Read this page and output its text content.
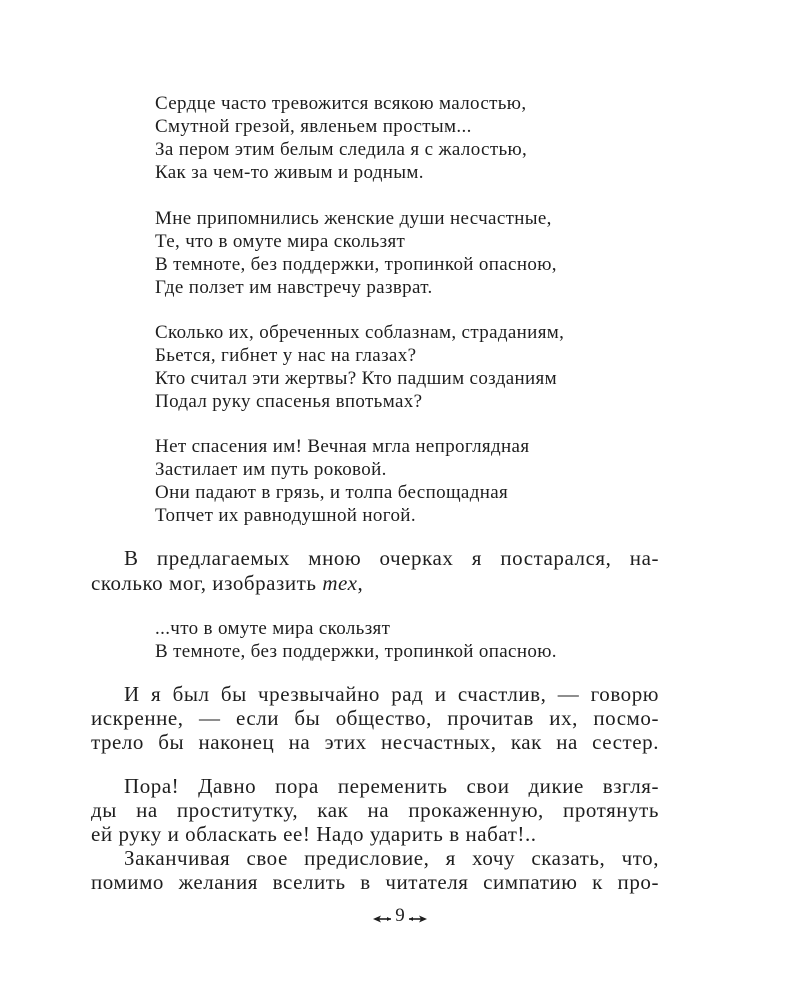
Сердце часто тревожится всякою малостью,

Смутной грезой, явленьем простым...

За пером этим белым следила я с жалостью,

Как за чем-то живым и родным.

Мне припомнились женские души несчастные,

Те, что в омуте мира скользят

В темноте, без поддержки, тропинкой опасною,

Где ползет им навстречу разврат.

Сколько их, обреченных соблазнам, страданиям,

Бьется, гибнет у нас на глазах?

Кто считал эти жертвы? Кто падшим созданиям

Подал руку спасенья впотьмах?

Нет спасения им! Вечная мгла непроглядная

Застилает им путь роковой.

Они падают в грязь, и толпа беспощадная

Топчет их равнодушной ногой.

В предлагаемых мною очерках я постарался, на-

сколько мог, изобразить тех,

...что в омуте мира скользят

В темноте, без поддержки, тропинкой опасною.

И я был бы чрезвычайно рад и счастлив, — говорю

искренне, — если бы общество, прочитав их, посмо-

трело бы наконец на этих несчастных, как на сестер.

Пора! Давно пора переменить свои дикие взгля-

ды на проститутку, как на прокаженную, протянуть

ей руку и обласкать ее! Надо ударить в набат!..

Заканчивая свое предисловие, я хочу сказать, что,

помимо желания вселить в читателя симпатию к про-

9
